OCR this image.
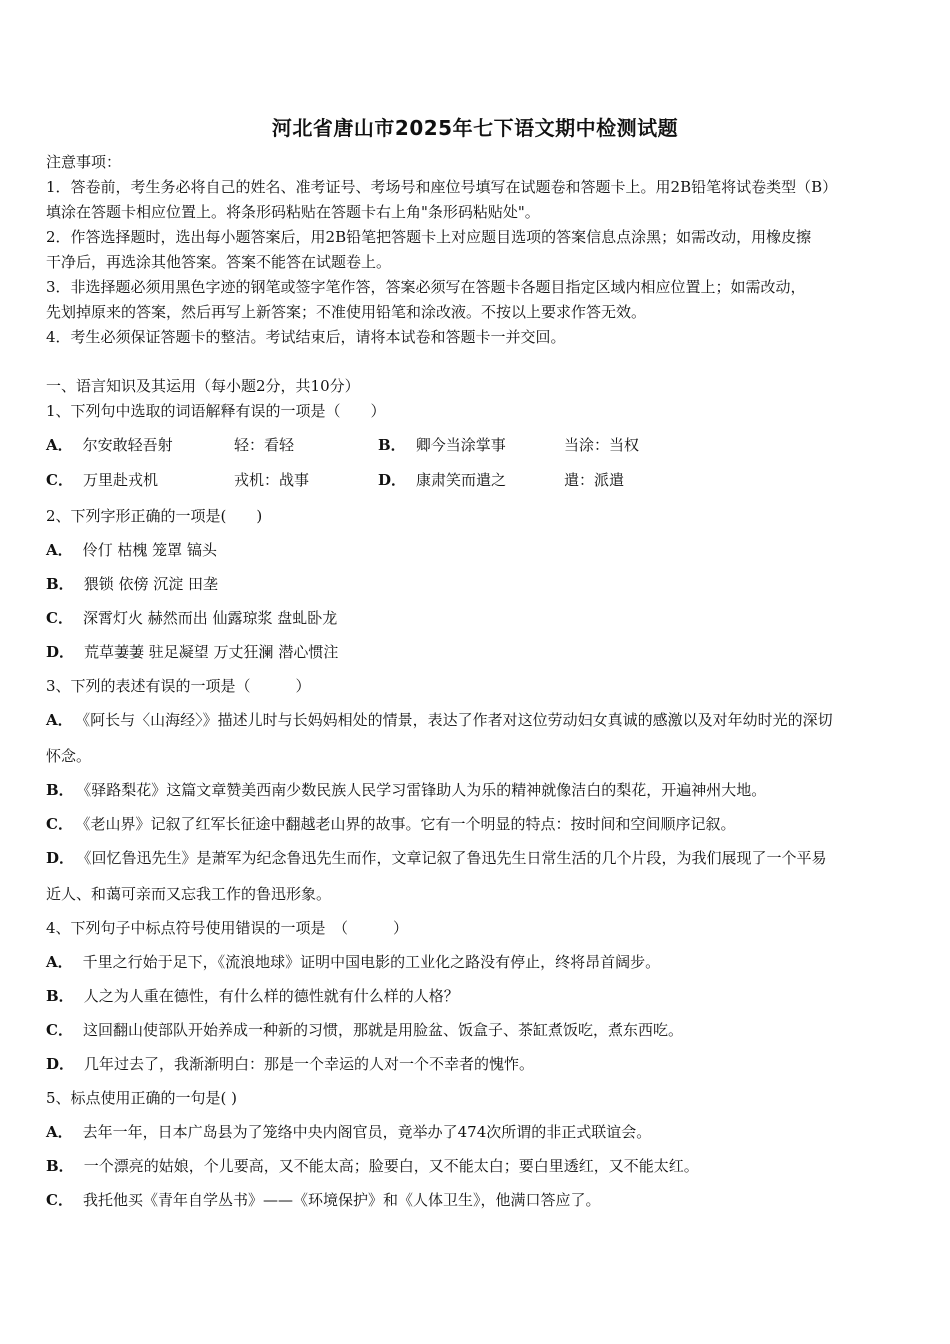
河北省唐山市2025年七下语文期中检测试题
注意事项：
1．答卷前，考生务必将自己的姓名、准考证号、考场号和座位号填写在试题卷和答题卡上。用2B铅笔将试卷类型（B）
填涂在答题卡相应位置上。将条形码粘贴在答题卡右上角"条形码粘贴处"。
2．作答选择题时，选出每小题答案后，用2B铅笔把答题卡上对应题目选项的答案信息点涂黑；如需改动，用橡皮擦
干净后，再选涂其他答案。答案不能答在试题卷上。
3．非选择题必须用黑色字迹的钢笔或签字笔作答，答案必须写在答题卡各题目指定区域内相应位置上；如需改动，
先划掉原来的答案，然后再写上新答案；不准使用铅笔和涂改液。不按以上要求作答无效。
4．考生必须保证答题卡的整洁。考试结束后，请将本试卷和答题卡一并交回。
一、语言知识及其运用（每小题2分，共10分）
1、下列句中选取的词语解释有误的一项是（　　）
A． 尔安敢轻吾射	轻：看轻	B． 卿今当涂掌事	当涂：当权
C． 万里赴戎机	戎机：战事	D． 康肃笑而遣之	遣：派遣
2、下列字形正确的一项是(　　)
A． 伶仃 枯槐 笼罩 镐头
B． 猥锁 依傍 沉淀 田垄
C． 深霄灯火 赫然而出 仙露琼浆 盘虬卧龙
D． 荒草萋萋 驻足凝望 万丈狂澜 潜心惯注
3、下列的表述有误的一项是（　　　）
A． 《阿长与〈山海经〉》描述儿时与长妈妈相处的情景，表达了作者对这位劳动妇女真诚的感激以及对年幼时光的深切
怀念。
B． 《驿路梨花》这篇文章赞美西南少数民族人民学习雷锋助人为乐的精神就像洁白的梨花，开遍神州大地。
C． 《老山界》记叙了红军长征途中翻越老山界的故事。它有一个明显的特点：按时间和空间顺序记叙。
D． 《回忆鲁迅先生》是萧军为纪念鲁迅先生而作，文章记叙了鲁迅先生日常生活的几个片段，为我们展现了一个平易
近人、和蔼可亲而又忘我工作的鲁迅形象。
4、下列句子中标点符号使用错误的一项是　（　　　）
A． 千里之行始于足下，《流浪地球》证明中国电影的工业化之路没有停止，终将昂首阔步。
B． 人之为人重在德性，有什么样的德性就有什么样的人格？
C． 这回翻山使部队开始养成一种新的习惯，那就是用脸盆、饭盒子、茶缸煮饭吃，煮东西吃。
D． 几年过去了，我渐渐明白：那是一个幸运的人对一个不幸者的愧怍。
5、标点使用正确的一句是( )
A． 去年一年，日本广岛县为了笼络中央内阁官员，竟举办了474次所谓的非正式联谊会。
B． 一个漂亮的姑娘，个儿要高，又不能太高；脸要白，又不能太白；要白里透红，又不能太红。
C． 我托他买《青年自学丛书》——《环境保护》和《人体卫生》，他满口答应了。
